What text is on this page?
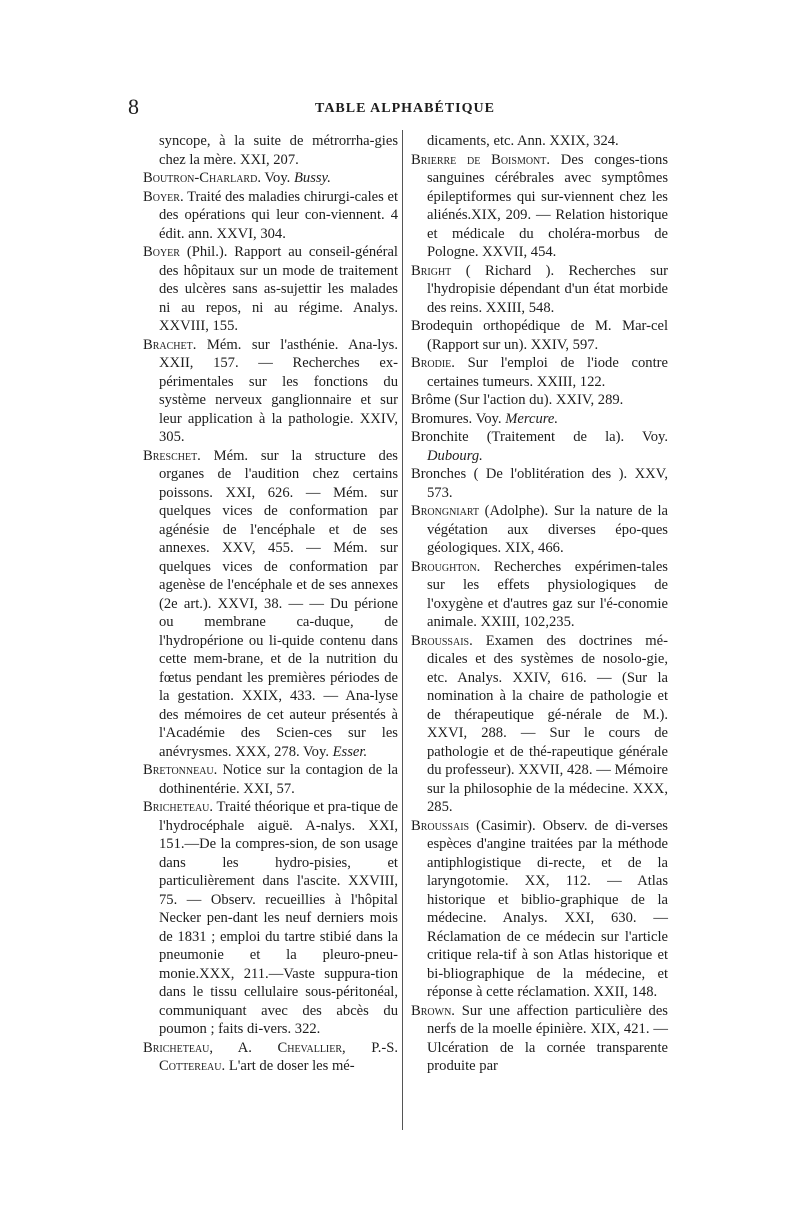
8	TABLE ALPHABÉTIQUE

syncope, à la suite de métrorrha-gies chez la mère. XXI, 207.

Boutron-Charlard. Voy. Bussy.

Boyer. Traité des maladies chirurgi-cales et des opérations qui leur con-viennent. 4 édit. ann. XXVI, 304.

Boyer (Phil.). Rapport au conseil-général des hôpitaux sur un mode de traitement des ulcères sans as-sujettir les malades ni au repos, ni au régime. Analys. XXVIII, 155.

Brachet. Mém. sur l'asthénie. Ana-lys. XXII, 157. — Recherches ex-périmentales sur les fonctions du système nerveux ganglionnaire et sur leur application à la pathologie. XXIV, 305.

Breschet. Mém. sur la structure des organes de l'audition chez certains poissons. XXI, 626. — Mém. sur quelques vices de conformation par agénésie de l'encéphale et de ses annexes. XXV, 455. — Mém. sur quelques vices de conformation par agenèse de l'encéphale et de ses annexes (2e art.). XXVI, 38. — — Du périone ou membrane ca-duque, de l'hydropérione ou li-quide contenu dans cette mem-brane, et de la nutrition du fœtus pendant les premières périodes de la gestation. XXIX, 433. — Ana-lyse des mémoires de cet auteur présentés à l'Académie des Scien-ces sur les anévrysmes. XXX, 278. Voy. Esser.

Bretonneau. Notice sur la contagion de la dothinentérie. XXI, 57.

Bricheteau. Traité théorique et pra-tique de l'hydrocéphale aiguë. A-nalys. XXI, 151.—De la compres-sion, de son usage dans les hydro-pisies, et particulièrement dans l'ascite. XXVIII, 75. — Observ. recueillies à l'hôpital Necker pen-dant les neuf derniers mois de 1831 ; emploi du tartre stibié dans la pneumonie et la pleuro-pneu-monie.XXX, 211.—Vaste suppura-tion dans le tissu cellulaire sous-péritonéal, communiquant avec des abcès du poumon ; faits di-vers. 322.

Bricheteau, A. Chevallier, P.-S. Cottereau. L'art de doser les mé-

dicaments, etc. Ann. XXIX, 324.

Brierre de Boismont. Des conges-tions sanguines cérébrales avec symptômes épileptiformes qui sur-viennent chez les aliénés.XIX, 209. — Relation historique et médicale du choléra-morbus de Pologne. XXVII, 454.

Bright ( Richard ). Recherches sur l'hydropisie dépendant d'un état morbide des reins. XXIII, 548.

Brodequin orthopédique de M. Mar-cel (Rapport sur un). XXIV, 597.

Brodie. Sur l'emploi de l'iode contre certaines tumeurs. XXIII, 122.

Brôme (Sur l'action du). XXIV, 289.

Bromures. Voy. Mercure.

Bronchite (Traitement de la). Voy. Dubourg.

Bronches ( De l'oblitération des ). XXV, 573.

Brongniart (Adolphe). Sur la nature de la végétation aux diverses épo-ques géologiques. XIX, 466.

Broughton. Recherches expérimen-tales sur les effets physiologiques de l'oxygène et d'autres gaz sur l'é-conomie animale. XXIII, 102,235.

Broussais. Examen des doctrines mé-dicales et des systèmes de nosolo-gie, etc. Analys. XXIV, 616. — (Sur la nomination à la chaire de pathologie et de thérapeutique gé-nérale de M.). XXVI, 288. — Sur le cours de pathologie et de thé-rapeutique générale du professeur). XXVII, 428. — Mémoire sur la philosophie de la médecine. XXX, 285.

Broussais (Casimir). Observ. de di-verses espèces d'angine traitées par la méthode antiphlogistique di-recte, et de la laryngotomie. XX, 112. — Atlas historique et biblio-graphique de la médecine. Analys. XXI, 630. — Réclamation de ce médecin sur l'article critique rela-tif à son Atlas historique et bi-bliographique de la médecine, et réponse à cette réclamation. XXII, 148.

Brown. Sur une affection particulière des nerfs de la moelle épinière. XIX, 421. — Ulcération de la cornée transparente produite par
